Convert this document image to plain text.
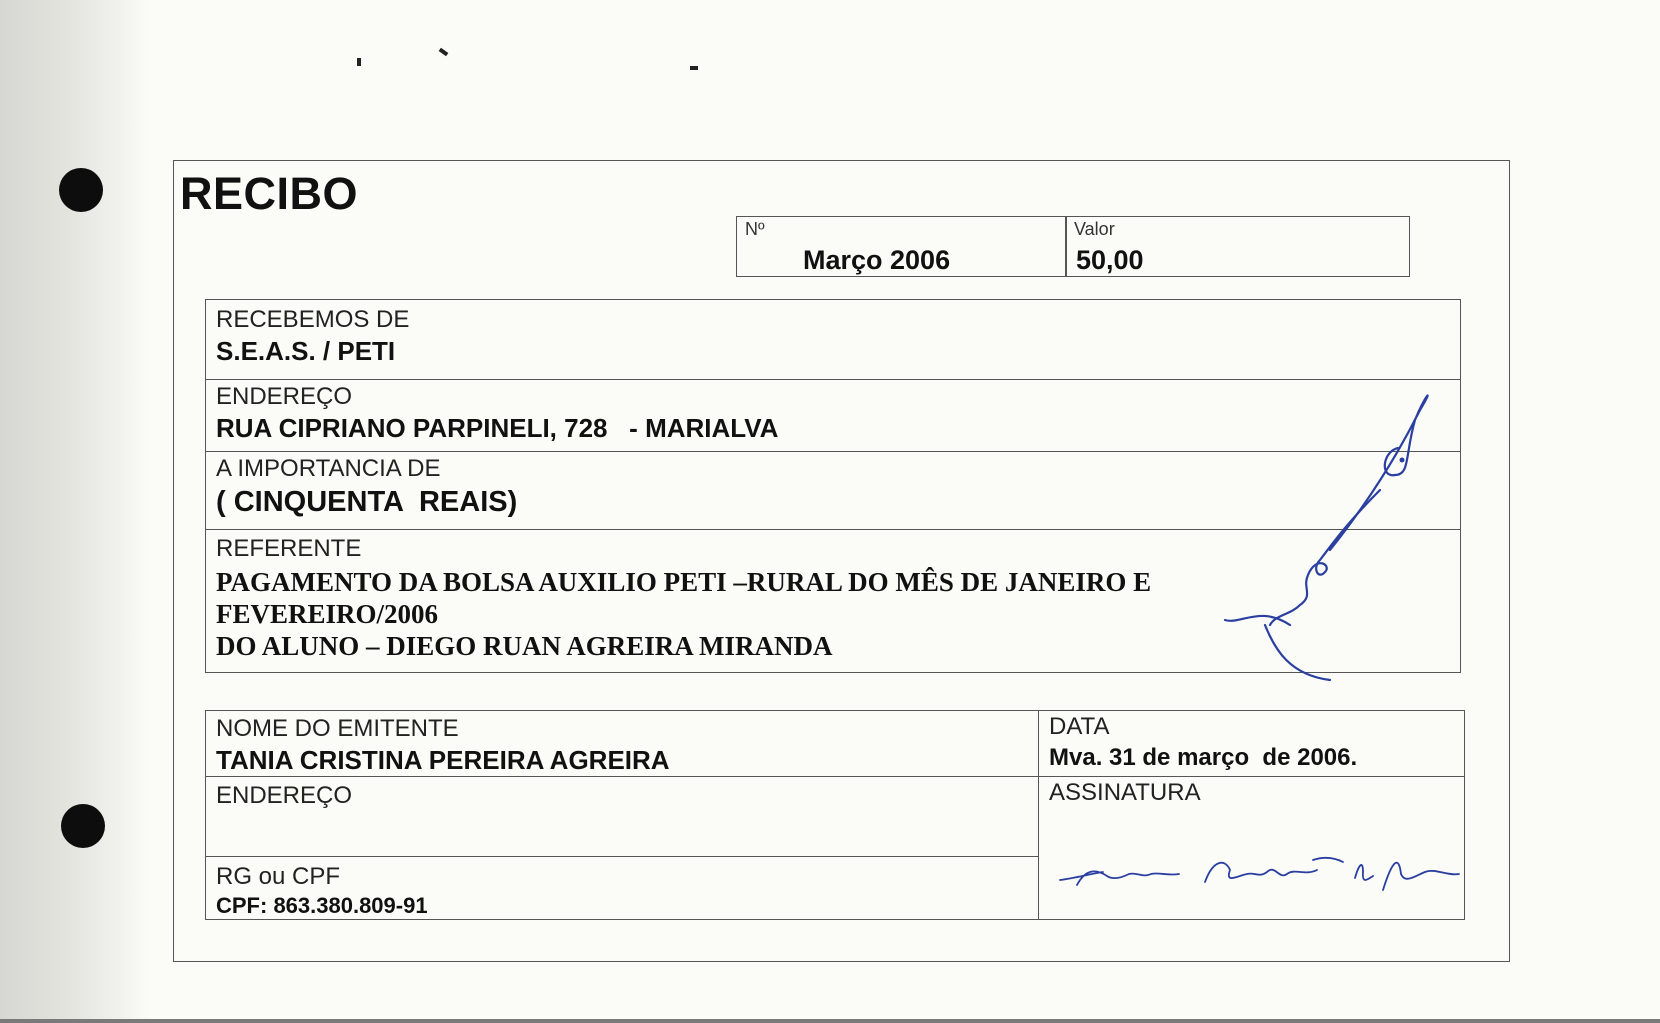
RECIBO
Nº
Março 2006
Valor
50,00
RECEBEMOS DE
S.E.A.S. / PETI
ENDEREÇO
RUA CIPRIANO PARPINELI, 728   - MARIALVA
A IMPORTANCIA DE
( CINQUENTA  REAIS)
REFERENTE
PAGAMENTO DA BOLSA AUXILIO PETI –RURAL DO MÊS DE JANEIRO E
FEVEREIRO/2006
DO ALUNO – DIEGO RUAN AGREIRA MIRANDA
NOME DO EMITENTE
TANIA CRISTINA PEREIRA AGREIRA
DATA
Mva. 31 de março  de 2006.
ENDEREÇO	ASSINATURA
RG ou CPF
CPF: 863.380.809-91
